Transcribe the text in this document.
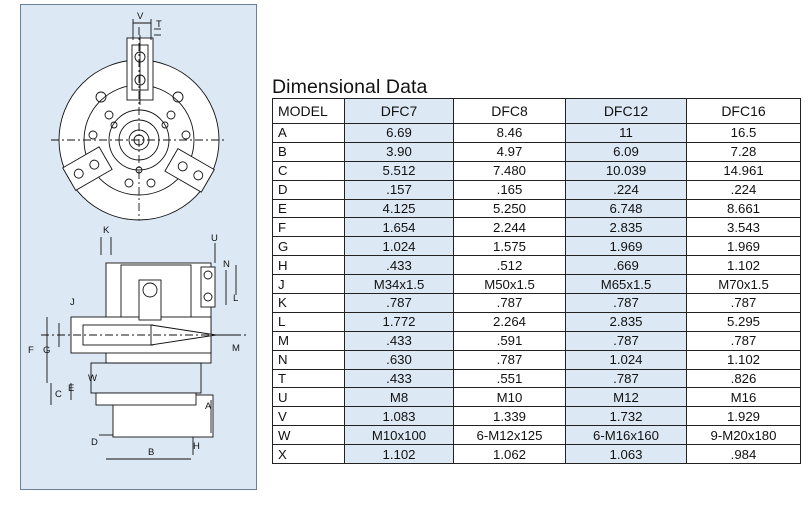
V
T
K
U
N
L
J
F G	M
C
E
W
A
D
B
H
Dimensional Data
MODEL	DFC7	DFC8	DFC12	DFC16
A	6.69	8.46	11	16.5
B	3.90	4.97	6.09	7.28
C	5.512	7.480	10.039	14.961
D	.157	.165	.224	.224
E	4.125	5.250	6.748	8.661
F	1.654	2.244	2.835	3.543
G	1.024	1.575	1.969	1.969
H	.433	.512	.669	1.102
J	M34x1.5	M50x1.5	M65x1.5	M70x1.5
K	.787	.787	.787	.787
L	1.772	2.264	2.835	5.295
M	.433	.591	.787	.787
N	.630	.787	1.024	1.102
T	.433	.551	.787	.826
U	M8	M10	M12	M16
V	1.083	1.339	1.732	1.929
W	M10x100	6-M12x125	6-M16x160	9-M20x180
X	1.102	1.062	1.063	.984
